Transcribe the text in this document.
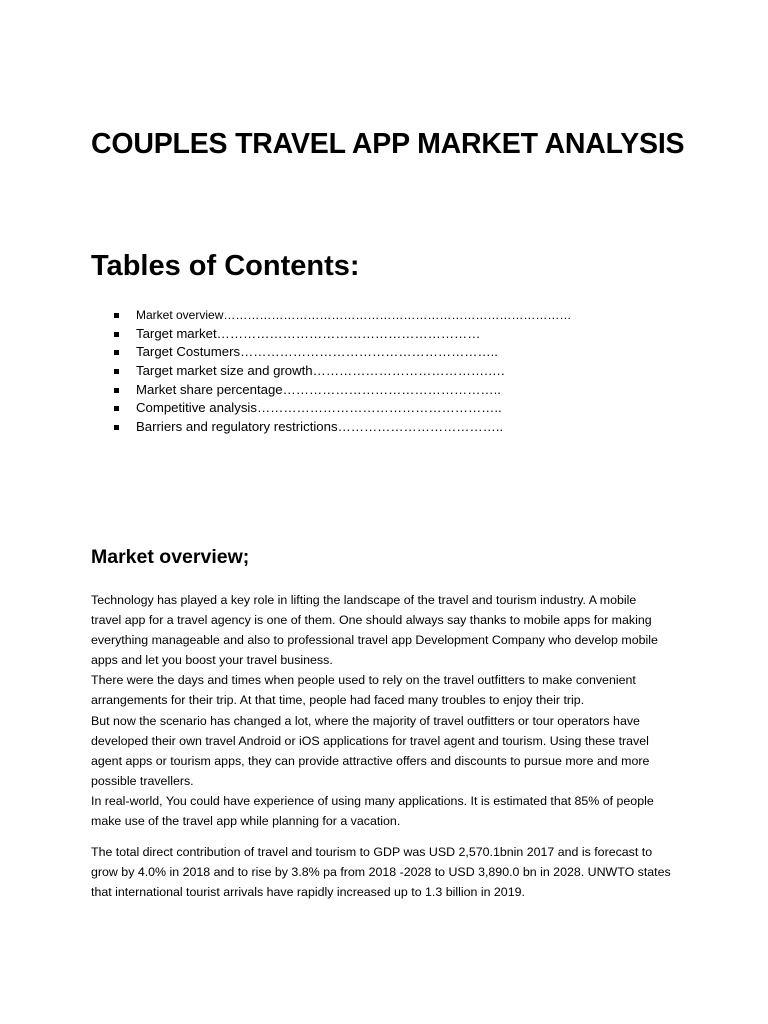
COUPLES TRAVEL APP MARKET ANALYSIS
Tables of Contents:
Market overview……………………………………………………………………………
Target market……………………………………………………
Target Costumers…………………………………………………..
Target market size and growth………………………………….….
Market share percentage…………………………………………..
Competitive analysis………………………………………………..
Barriers and regulatory restrictions………………………………..
Market overview;

Technology has played a key role in lifting the landscape of the travel and tourism industry. A mobile
travel app for a travel agency is one of them. One should always say thanks to mobile apps for making
everything manageable and also to professional travel app Development Company who develop mobile
apps and let you boost your travel business.
There were the days and times when people used to rely on the travel outfitters to make convenient
arrangements for their trip. At that time, people had faced many troubles to enjoy their trip.
But now the scenario has changed a lot, where the majority of travel outfitters or tour operators have
developed their own travel Android or iOS applications for travel agent and tourism. Using these travel
agent apps or tourism apps, they can provide attractive offers and discounts to pursue more and more
possible travellers.
In real-world, You could have experience of using many applications. It is estimated that 85% of people
make use of the travel app while planning for a vacation.

The total direct contribution of travel and tourism to GDP was USD 2,570.1bnin 2017 and is forecast to
grow by 4.0% in 2018 and to rise by 3.8% pa from 2018 -2028 to USD 3,890.0 bn in 2028. UNWTO states
that international tourist arrivals have rapidly increased up to 1.3 billion in 2019.
